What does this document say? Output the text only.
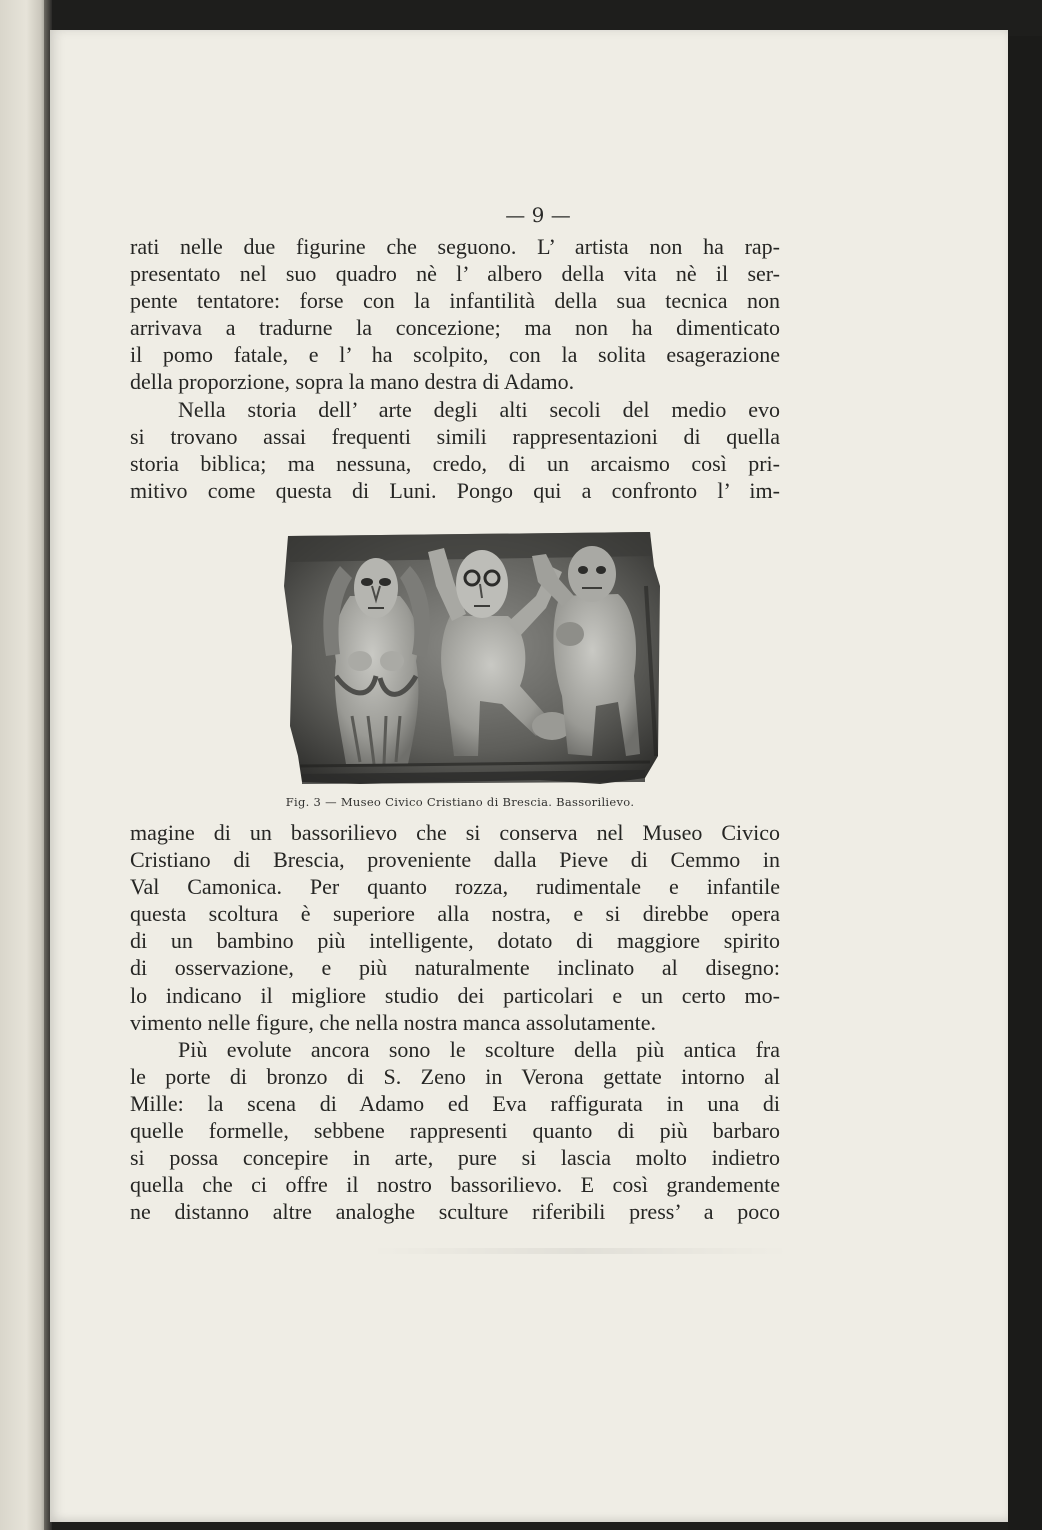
— 9 —

rati nelle due figurine che seguono. L’ artista non ha rap-
presentato nel suo quadro nè l’ albero della vita nè il ser-
pente tentatore: forse con la infantilità della sua tecnica non
arrivava a tradurne la concezione; ma non ha dimenticato
il pomo fatale, e l’ ha scolpito, con la solita esagerazione
della proporzione, sopra la mano destra di Adamo.

Nella storia dell’ arte degli alti secoli del medio evo
si trovano assai frequenti simili rappresentazioni di quella
storia biblica; ma nessuna, credo, di un arcaismo così pri-
mitivo come questa di Luni. Pongo qui a confronto l’ im-

Fig. 3 — Museo Civico Cristiano di Brescia. Bassorilievo.

magine di un bassorilievo che si conserva nel Museo Civico
Cristiano di Brescia, proveniente dalla Pieve di Cemmo in
Val Camonica. Per quanto rozza, rudimentale e infantile
questa scoltura è superiore alla nostra, e si direbbe opera
di un bambino più intelligente, dotato di maggiore spirito
di osservazione, e più naturalmente inclinato al disegno:
lo indicano il migliore studio dei particolari e un certo mo-
vimento nelle figure, che nella nostra manca assolutamente.

Più evolute ancora sono le scolture della più antica fra
le porte di bronzo di S. Zeno in Verona gettate intorno al
Mille: la scena di Adamo ed Eva raffigurata in una di
quelle formelle, sebbene rappresenti quanto di più barbaro
si possa concepire in arte, pure si lascia molto indietro
quella che ci offre il nostro bassorilievo. E così grandemente
ne distanno altre analoghe sculture riferibili press’ a poco
